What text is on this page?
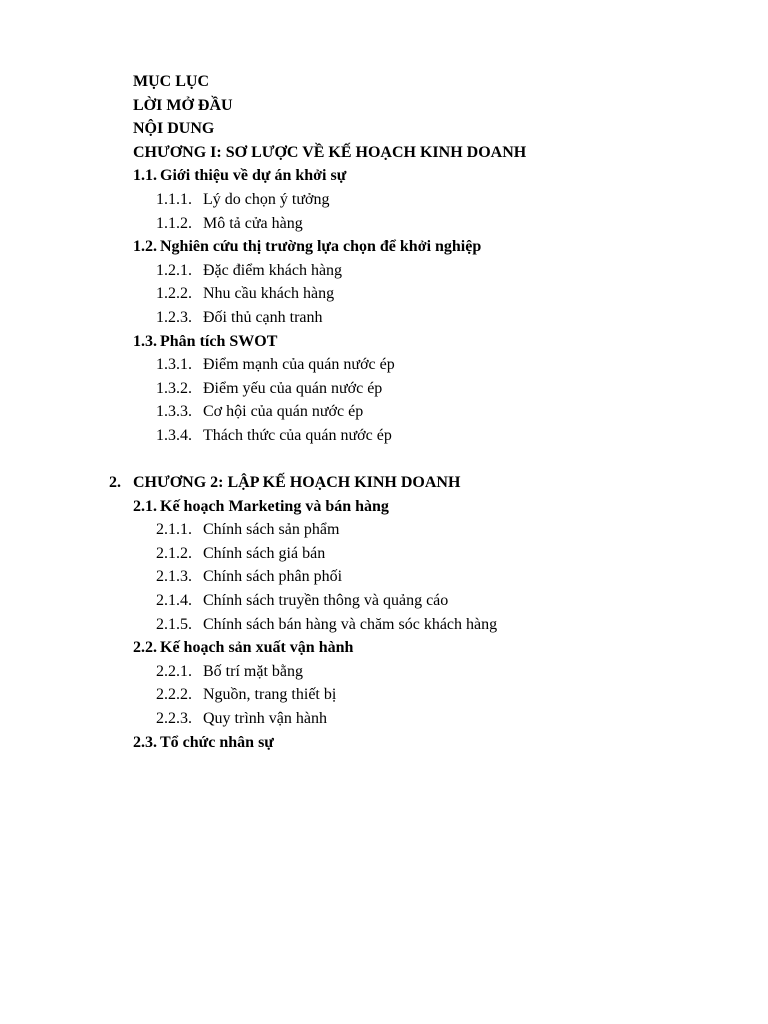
MỤC LỤC
LỜI MỞ ĐẦU
NỘI DUNG
CHƯƠNG I: SƠ LƯỢC VỀ KẾ HOẠCH KINH DOANH
1.1. Giới thiệu về dự án khởi sự
1.1.1. Lý do chọn ý tưởng
1.1.2. Mô tả cửa hàng
1.2. Nghiên cứu thị trường lựa chọn để khởi nghiệp
1.2.1. Đặc điểm khách hàng
1.2.2. Nhu cầu khách hàng
1.2.3. Đối thủ cạnh tranh
1.3. Phân tích SWOT
1.3.1. Điểm mạnh của quán nước ép
1.3.2. Điểm yếu của quán nước ép
1.3.3. Cơ hội của quán nước ép
1.3.4. Thách thức của quán nước ép
2. CHƯƠNG 2: LẬP KẾ HOẠCH KINH DOANH
2.1. Kế hoạch Marketing và bán hàng
2.1.1. Chính sách sản phẩm
2.1.2. Chính sách giá bán
2.1.3. Chính sách phân phối
2.1.4. Chính sách truyền thông và quảng cáo
2.1.5. Chính sách bán hàng và chăm sóc khách hàng
2.2. Kế hoạch sản xuất vận hành
2.2.1. Bố trí mặt bằng
2.2.2. Nguồn, trang thiết bị
2.2.3. Quy trình vận hành
2.3. Tổ chức nhân sự
